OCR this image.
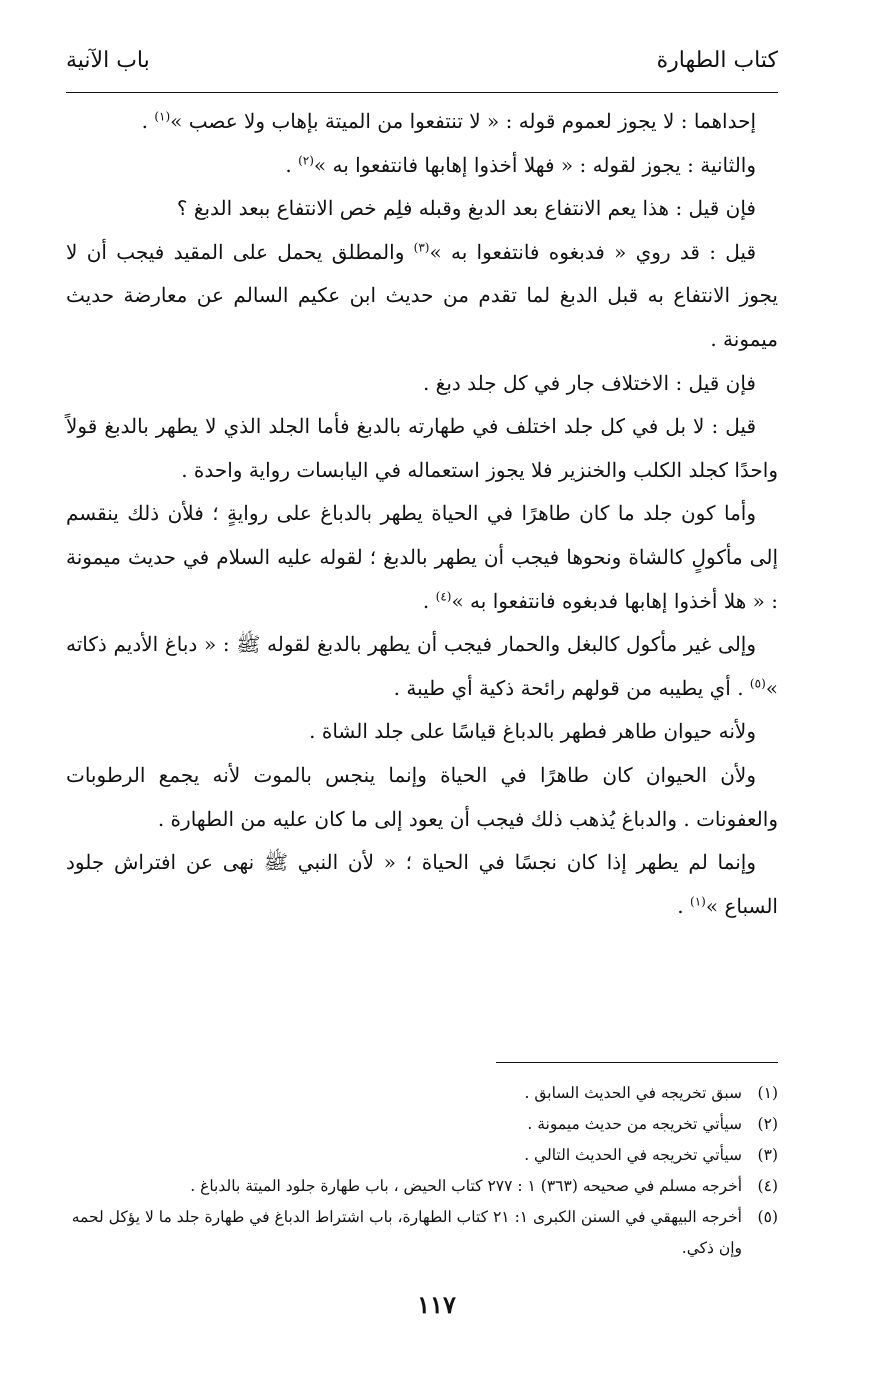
كتاب الطهارة
باب الآنية

إحداهما : لا يجوز لعموم قوله : « لا تنتفعوا من الميتة بإهاب ولا عصب »$^{(١)}$ .

والثانية : يجوز لقوله : « فهلا أخذوا إهابها فانتفعوا به »$^{(٢)}$ .

فإن قيل : هذا يعم الانتفاع بعد الدبغ وقبله فلِم خص الانتفاع ببعد الدبغ ؟

قيل : قد روي « فدبغوه فانتفعوا به »$^{(٣)}$ والمطلق يحمل على المقيد فيجب أن لا يجوز الانتفاع به قبل الدبغ لما تقدم من حديث ابن عكيم السالم عن معارضة حديث ميمونة .

فإن قيل : الاختلاف جار في كل جلد دبغ .

قيل : لا بل في كل جلد اختلف في طهارته بالدبغ فأما الجلد الذي لا يطهر بالدبغ قولاً واحدًا كجلد الكلب والخنزير فلا يجوز استعماله في اليابسات رواية واحدة .

وأما كون جلد ما كان طاهرًا في الحياة يطهر بالدباغ على روايةٍ ؛ فلأن ذلك ينقسم إلى مأكولٍ كالشاة ونحوها فيجب أن يطهر بالدبغ ؛ لقوله عليه السلام في حديث ميمونة : « هلا أخذوا إهابها فدبغوه فانتفعوا به »$^{(٤)}$ .

وإلى غير مأكول كالبغل والحمار فيجب أن يطهر بالدبغ لقوله ﷺ : « دباغ الأديم ذكاته »$^{(٥)}$ . أي يطيبه من قولهم رائحة ذكية أي طيبة .

ولأنه حيوان طاهر فطهر بالدباغ قياسًا على جلد الشاة .

ولأن الحيوان كان طاهرًا في الحياة وإنما ينجس بالموت لأنه يجمع الرطوبات والعفونات . والدباغ يُذهب ذلك فيجب أن يعود إلى ما كان عليه من الطهارة .

وإنما لم يطهر إذا كان نجسًا في الحياة ؛ « لأن النبي ﷺ نهى عن افتراش جلود السباع »$^{(١)}$ .

(١)
سبق تخريجه في الحديث السابق .
(٢)
سيأتي تخريجه من حديث ميمونة .
(٣)
سيأتي تخريجه في الحديث التالي .
(٤)
أخرجه مسلم في صحيحه (٣٦٣) ١ : ٢٧٧ كتاب الحيض ، باب طهارة جلود الميتة بالدباغ .
(٥)
أخرجه البيهقي في السنن الكبرى ١: ٢١ كتاب الطهارة، باب اشتراط الدباغ في طهارة جلد ما لا يؤكل لحمه وإن ذكي.
١١٧
